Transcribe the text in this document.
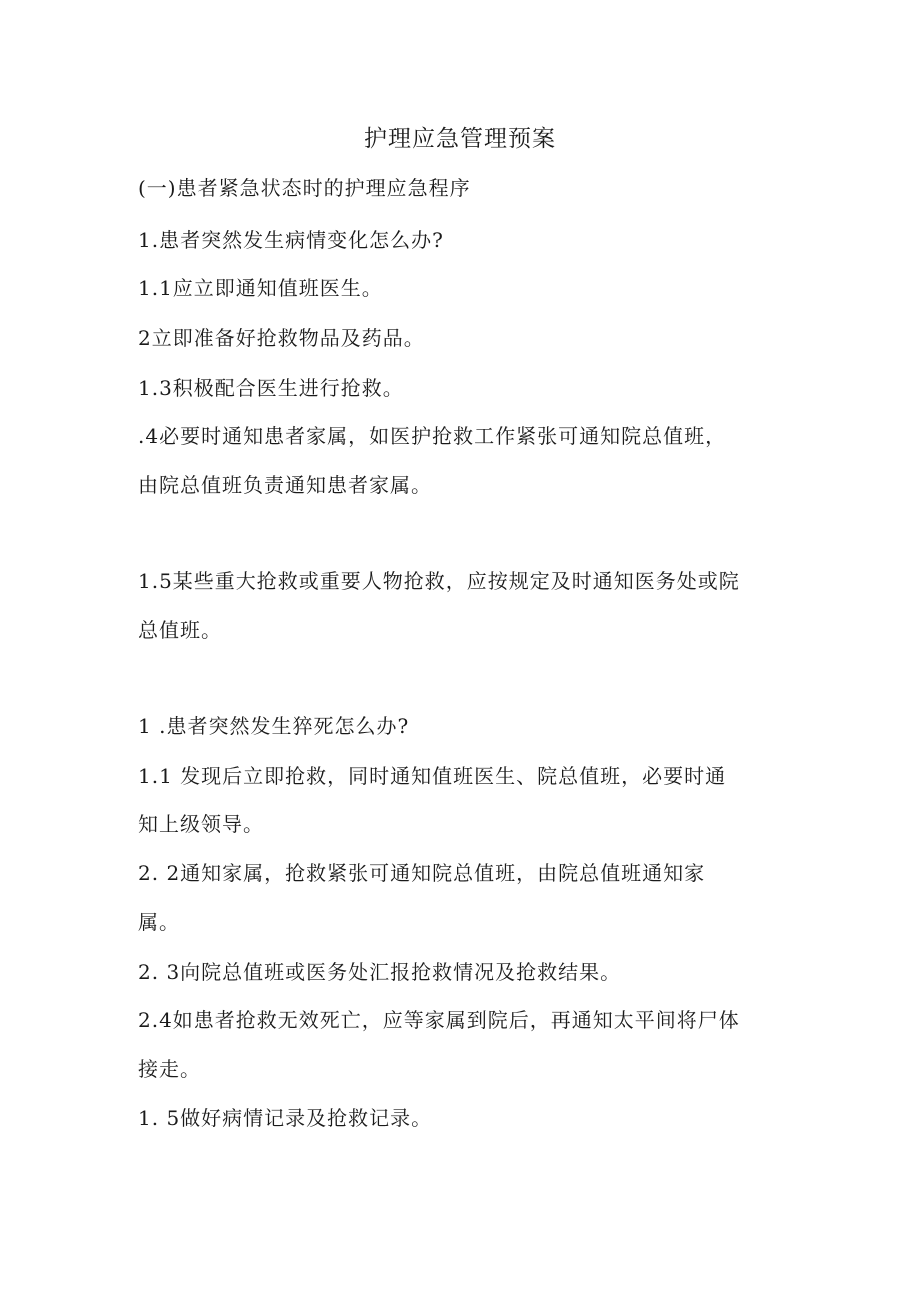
护理应急管理预案
(一)患者紧急状态时的护理应急程序
1.患者突然发生病情变化怎么办?
1.1应立即通知值班医生。
2立即准备好抢救物品及药品。
1.3积极配合医生进行抢救。
.4必要时通知患者家属，如医护抢救工作紧张可通知院总值班，
由院总值班负责通知患者家属。
1.5某些重大抢救或重要人物抢救，应按规定及时通知医务处或院
总值班。
1 .患者突然发生猝死怎么办?
1.1 发现后立即抢救，同时通知值班医生、院总值班，必要时通
知上级领导。
2. 2通知家属，抢救紧张可通知院总值班，由院总值班通知家
属。
2. 3向院总值班或医务处汇报抢救情况及抢救结果。
2.4如患者抢救无效死亡，应等家属到院后，再通知太平间将尸体
接走。
1. 5做好病情记录及抢救记录。
